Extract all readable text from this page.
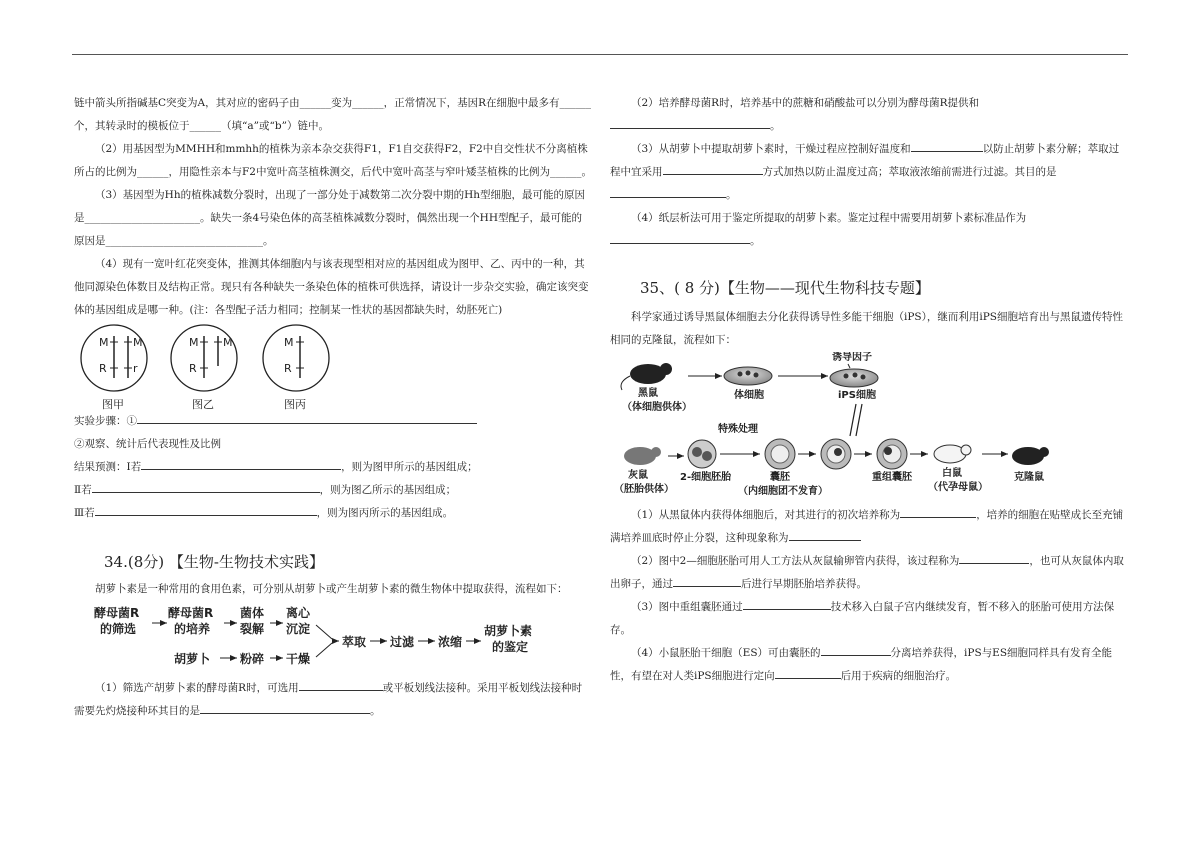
链中箭头所指碱基C突变为A，其对应的密码子由______变为______，正常情况下，基因R在细胞中最多有______个，其转录时的模板位于______（填“a”或“b”）链中。

（2）用基因型为MMHH和mmhh的植株为亲本杂交获得F1，F1自交获得F2，F2中自交性状不分离植株所占的比例为______，用隐性亲本与F2中宽叶高茎植株测交，后代中宽叶高茎与窄叶矮茎植株的比例为______。

（3）基因型为Hh的植株减数分裂时，出现了一部分处于减数第二次分裂中期的Hh型细胞，最可能的原因是______________________。缺失一条4号染色体的高茎植株减数分裂时，偶然出现一个HH型配子，最可能的原因是______________________________。

（4）现有一宽叶红花突变体，推测其体细胞内与该表现型相对应的基因组成为图甲、乙、丙中的一种，其他同源染色体数目及结构正常。现只有各种缺失一条染色体的植株可供选择，请设计一步杂交实验，确定该突变体的基因组成是哪一种。(注：各型配子活力相同；控制某一性状的基因都缺失时，幼胚死亡)

M M
R r
图甲
M M
R
图乙
M
R
图丙

实验步骤：①

②观察、统计后代表现性及比例

结果预测：Ⅰ若	，则为图甲所示的基因组成；

Ⅱ若	，则为图乙所示的基因组成；

Ⅲ若	，则为图丙所示的基因组成。

34.(8分) 【生物-生物技术实践】

胡萝卜素是一种常用的食用色素，可分别从胡萝卜或产生胡萝卜素的微生物体中提取获得，流程如下：

酵母菌R
的筛选
酵母菌R
的培养
菌体
裂解
离心
沉淀
胡萝卜 粉碎 干燥
萃取 过滤 浓缩
胡萝卜素
的鉴定

（1）筛选产胡萝卜素的酵母菌R时，可选用	或平板划线法接种。采用平板划线法接种时需要先灼烧接种环其目的是	。

（2）培养酵母菌R时，培养基中的蔗糖和硝酸盐可以分别为酵母菌R提供和。

（3）从胡萝卜中提取胡萝卜素时，干燥过程应控制好温度和	以防止胡萝卜素分解；萃取过程中宜采用	方式加热以防止温度过高；萃取液浓缩前需进行过滤。其目的是。

（4）纸层析法可用于鉴定所提取的胡萝卜素。鉴定过程中需要用胡萝卜素标准品作为。

35、( 8 分)【生物——现代生物科技专题】

科学家通过诱导黑鼠体细胞去分化获得诱导性多能干细胞（iPS），继而利用iPS细胞培育出与黑鼠遗传特性相同的克隆鼠，流程如下：

黑鼠
（体细胞供体）
体细胞
诱导因子
iPS细胞
灰鼠
（胚胎供体）
2-细胞胚胎
特殊处理
囊胚
（内细胞团不发育）
重组囊胚	白鼠
（代孕母鼠）
克隆鼠

（1）从黑鼠体内获得体细胞后，对其进行的初次培养称为	，培养的细胞在贴壁成长至充铺满培养皿底时停止分裂，这种现象称为

（2）图中2—细胞胚胎可用人工方法从灰鼠输卵管内获得，该过程称为	，也可从灰鼠体内取出卵子，通过	后进行早期胚胎培养获得。

（3）图中重组囊胚通过	技术移入白鼠子宫内继续发育，暂不移入的胚胎可使用方法保存。

（4）小鼠胚胎干细胞（ES）可由囊胚的	分离培养获得，iPS与ES细胞同样具有发育全能性，有望在对人类iPS细胞进行定向	后用于疾病的细胞治疗。
